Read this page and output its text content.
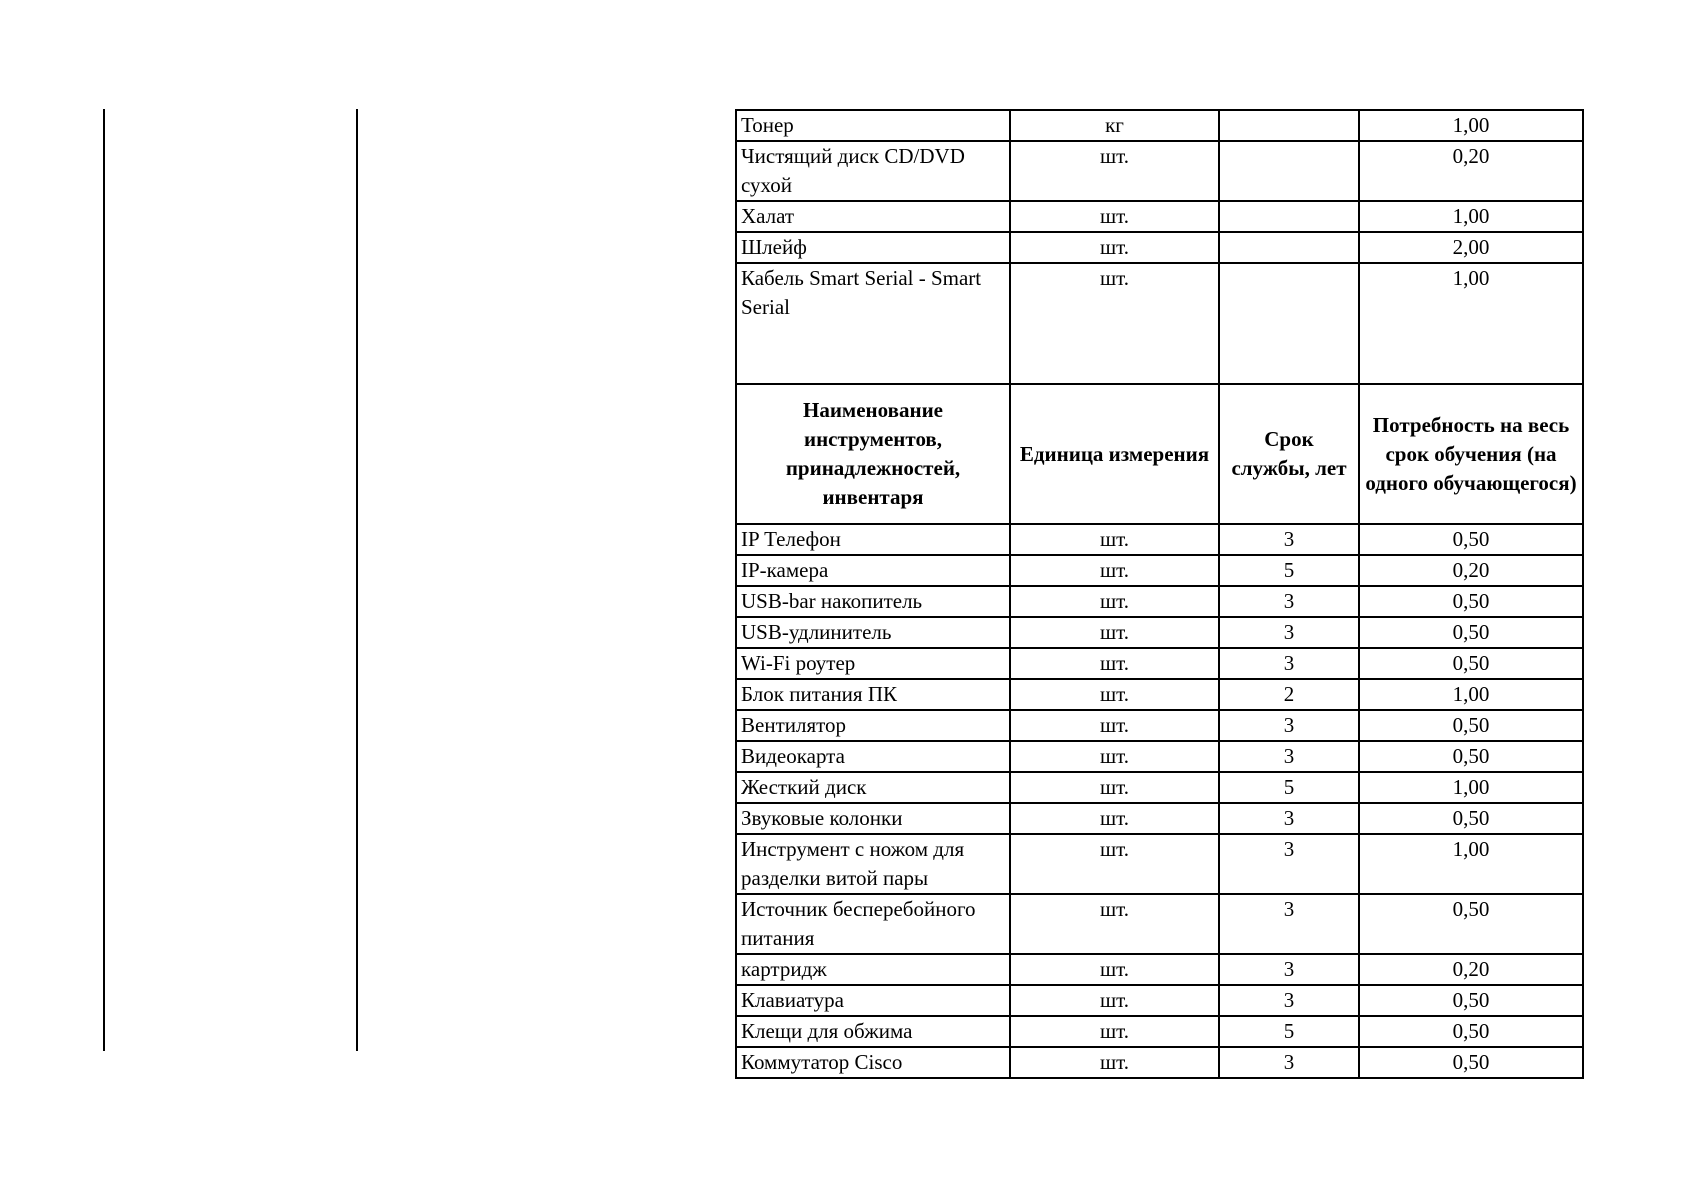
Тонер	кг		1,00
Чистящий диск CD/DVD сухой	шт.		0,20
Халат	шт.		1,00
Шлейф	шт.		2,00
Кабель Smart Serial - Smart Serial	шт.		1,00
Наименование инструментов, принадлежностей, инвентаря	Единица измерения	Срок службы, лет	Потребность на весь срок обучения (на одного обучающегося)
IP Телефон	шт.	3	0,50
IP-камера	шт.	5	0,20
USB-bar накопитель	шт.	3	0,50
USB-удлинитель	шт.	3	0,50
Wi-Fi роутер	шт.	3	0,50
Блок питания ПК	шт.	2	1,00
Вентилятор	шт.	3	0,50
Видеокарта	шт.	3	0,50
Жесткий диск	шт.	5	1,00
Звуковые колонки	шт.	3	0,50
Инструмент с ножом для разделки витой пары	шт.	3	1,00
Источник бесперебойного питания	шт.	3	0,50
картридж	шт.	3	0,20
Клавиатура	шт.	3	0,50
Клещи для обжима	шт.	5	0,50
Коммутатор Cisco	шт.	3	0,50
